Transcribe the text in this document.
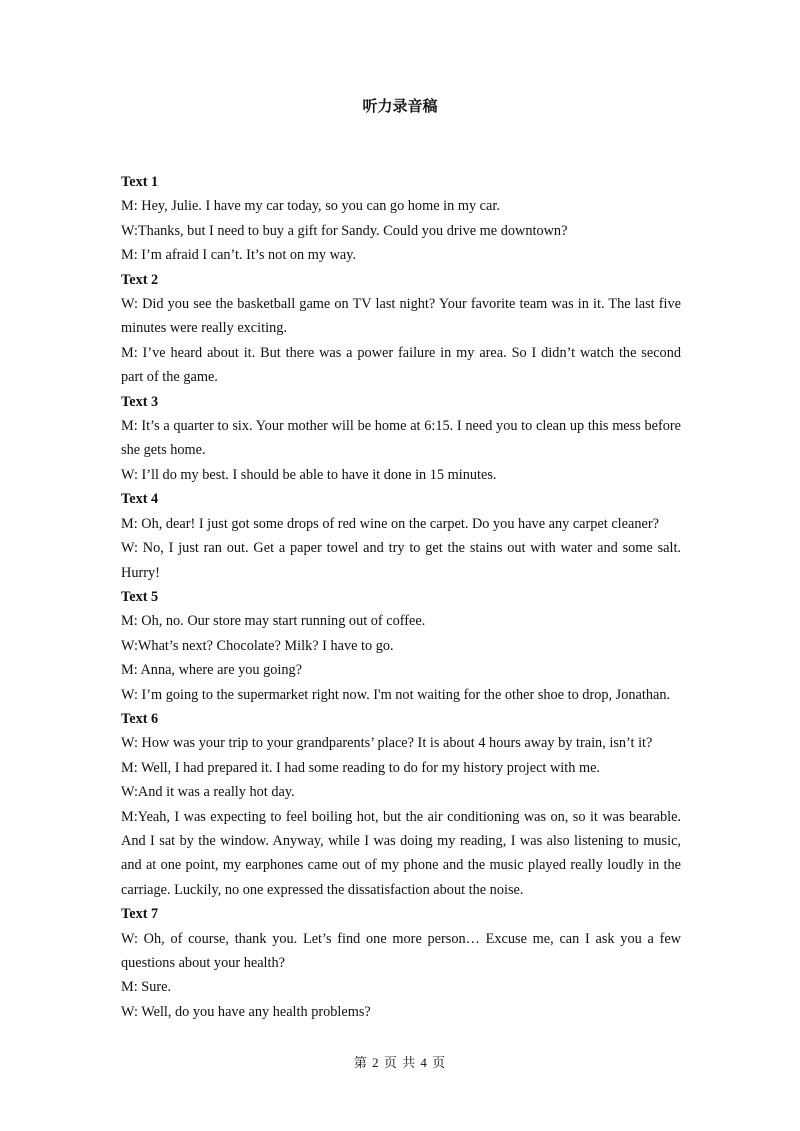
听力录音稿
Text 1
M: Hey, Julie. I have my car today, so you can go home in my car.
W:Thanks, but I need to buy a gift for Sandy. Could you drive me downtown?
M: I’m afraid I can’t. It’s not on my way.
Text 2
W: Did you see the basketball game on TV last night? Your favorite team was in it. The last five minutes were really exciting.
M: I’ve heard about it. But there was a power failure in my area. So I didn’t watch the second part of the game.
Text 3
M: It’s a quarter to six. Your mother will be home at 6:15. I need you to clean up this mess before she gets home.
W: I’ll do my best. I should be able to have it done in 15 minutes.
Text 4
M: Oh, dear! I just got some drops of red wine on the carpet. Do you have any carpet cleaner?
W: No, I just ran out. Get a paper towel and try to get the stains out with water and some salt. Hurry!
Text 5
M: Oh, no. Our store may start running out of coffee.
W:What’s next? Chocolate? Milk? I have to go.
M: Anna, where are you going?
W: I’m going to the supermarket right now. I'm not waiting for the other shoe to drop, Jonathan.
Text 6
W: How was your trip to your grandparents’ place? It is about 4 hours away by train, isn’t it?
M: Well, I had prepared it. I had some reading to do for my history project with me.
W:And it was a really hot day.
M:Yeah, I was expecting to feel boiling hot, but the air conditioning was on, so it was bearable. And I sat by the window. Anyway, while I was doing my reading, I was also listening to music, and at one point, my earphones came out of my phone and the music played really loudly in the carriage. Luckily, no one expressed the dissatisfaction about the noise.
Text 7
W: Oh, of course, thank you. Let’s find one more person… Excuse me, can I ask you a few questions about your health?
M: Sure.
W: Well, do you have any health problems?
第 2 页 共 4 页
